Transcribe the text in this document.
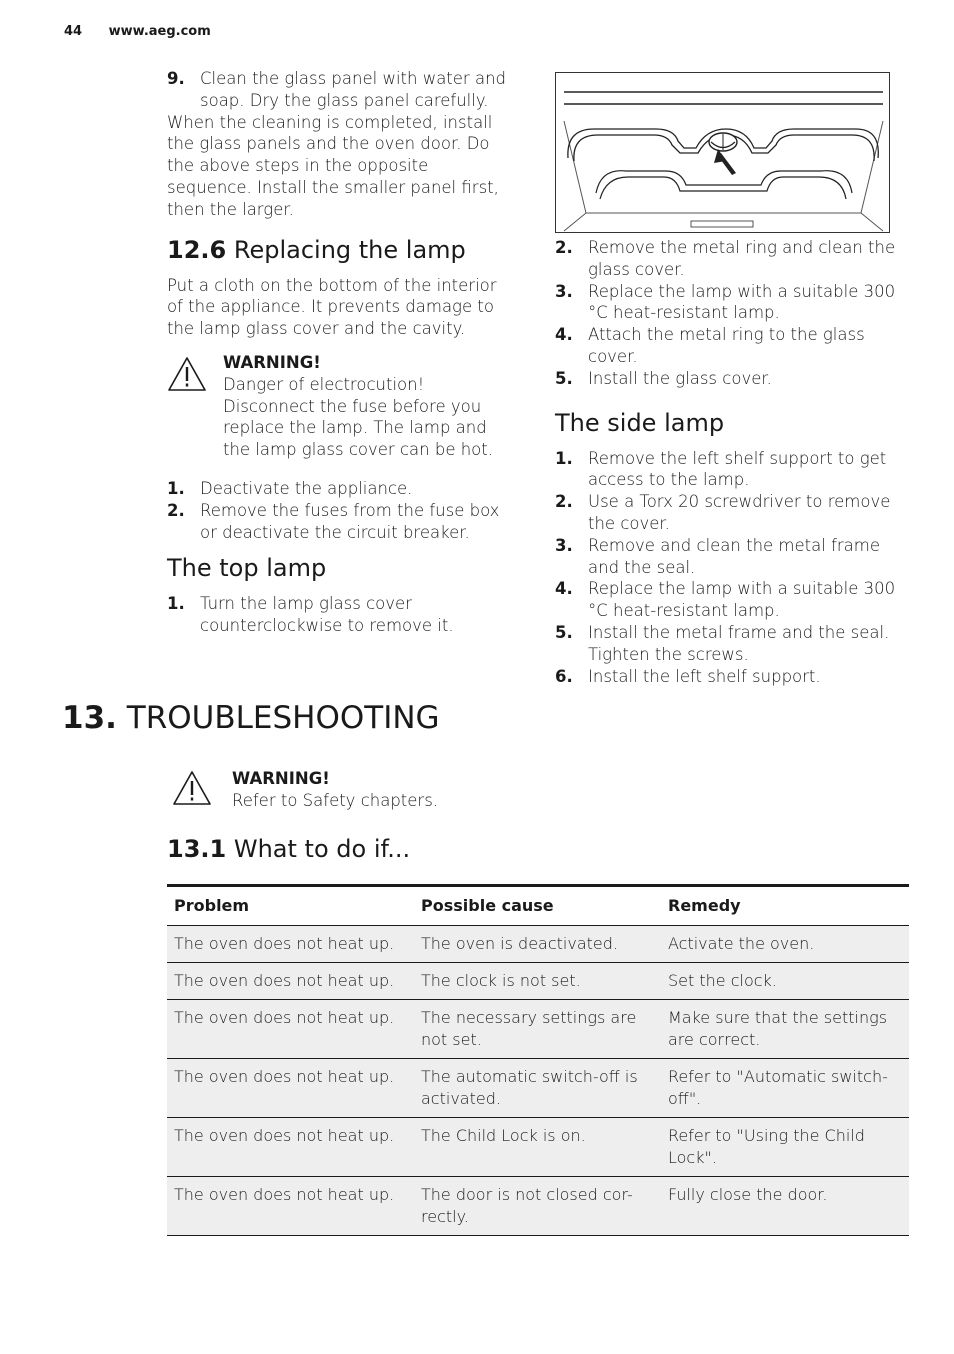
44 www.aeg.com
9. Clean the glass panel with water and soap. Dry the glass panel carefully.
When the cleaning is completed, install the glass panels and the oven door. Do the above steps in the opposite sequence. Install the smaller panel first, then the larger.
12.6 Replacing the lamp
Put a cloth on the bottom of the interior of the appliance. It prevents damage to the lamp glass cover and the cavity.
WARNING!
Danger of electrocution! Disconnect the fuse before you replace the lamp. The lamp and the lamp glass cover can be hot.
1. Deactivate the appliance.
2. Remove the fuses from the fuse box or deactivate the circuit breaker.
The top lamp
1. Turn the lamp glass cover counterclockwise to remove it.
2. Remove the metal ring and clean the glass cover.
3. Replace the lamp with a suitable 300 °C heat-resistant lamp.
4. Attach the metal ring to the glass cover.
5. Install the glass cover.
The side lamp
1. Remove the left shelf support to get access to the lamp.
2. Use a Torx 20 screwdriver to remove the cover.
3. Remove and clean the metal frame and the seal.
4. Replace the lamp with a suitable 300 °C heat-resistant lamp.
5. Install the metal frame and the seal. Tighten the screws.
6. Install the left shelf support.
13. TROUBLESHOOTING
WARNING!
Refer to Safety chapters.
13.1 What to do if...
Problem	Possible cause	Remedy
The oven does not heat up.	The oven is deactivated.	Activate the oven.
The oven does not heat up.	The clock is not set.	Set the clock.
The oven does not heat up.	The necessary settings are not set.	Make sure that the settings are correct.
The oven does not heat up.	The automatic switch-off is activated.	Refer to "Automatic switch-off".
The oven does not heat up.	The Child Lock is on.	Refer to "Using the Child Lock".
The oven does not heat up.	The door is not closed cor-rectly.	Fully close the door.
